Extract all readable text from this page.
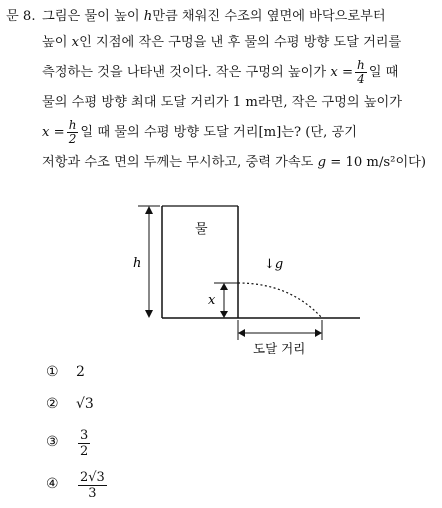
문 8. 그림은 물이 높이 h만큼 채워진 수조의 옆면에 바닥으로부터
높이 x인 지점에 작은 구멍을 낸 후 물의 수평 방향 도달 거리를
측정하는 것을 나타낸 것이다. 작은 구멍의 높이가 $x = \frac{h}{4}$ 일 때
물의 수평 방향 최대 도달 거리가 1 m라면, 작은 구멍의 높이가
$x = \frac{h}{2}$ 일 때 물의 수평 방향 도달 거리[m]는? (단, 공기
저항과 수조 면의 두께는 무시하고, 중력 가속도 g = 10 m/s²이다)
h
x
물
↓g
도달 거리
① 2
② √3
③ $\frac{3}{2}$
④ $\frac{2√3}{3}$
